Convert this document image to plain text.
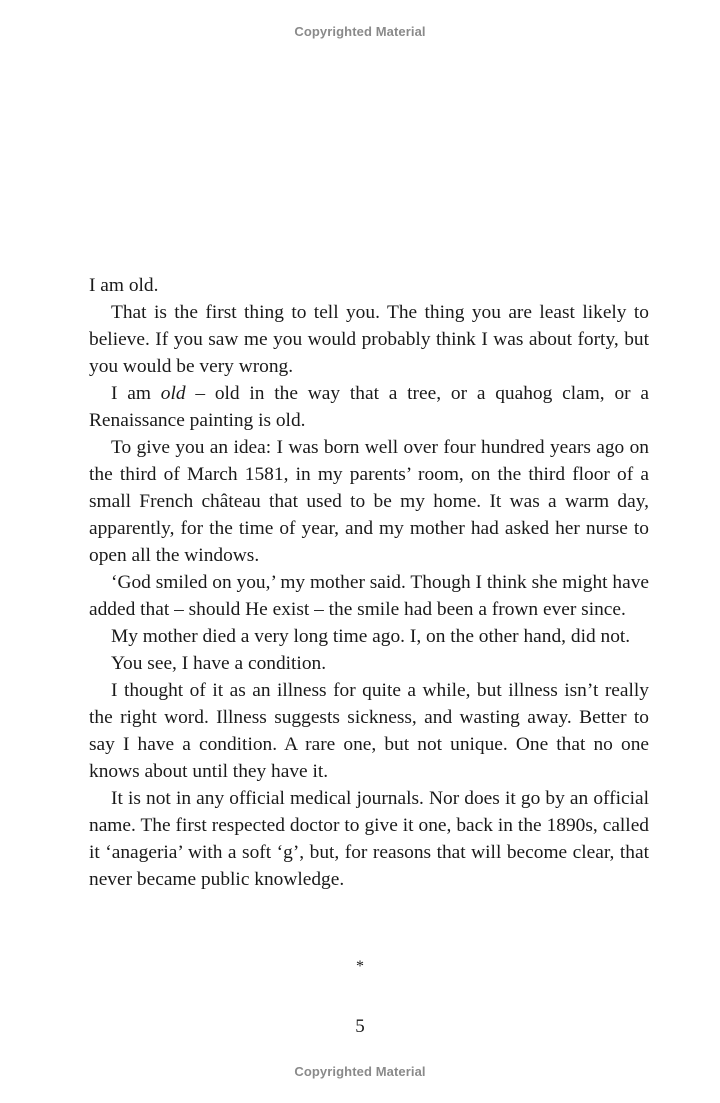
Copyrighted Material

I am old.

That is the first thing to tell you. The thing you are least likely to believe. If you saw me you would probably think I was about forty, but you would be very wrong.

I am old – old in the way that a tree, or a quahog clam, or a Renaissance painting is old.

To give you an idea: I was born well over four hundred years ago on the third of March 1581, in my parents’ room, on the third floor of a small French château that used to be my home. It was a warm day, apparently, for the time of year, and my mother had asked her nurse to open all the windows.

‘God smiled on you,’ my mother said. Though I think she might have added that – should He exist – the smile had been a frown ever since.

My mother died a very long time ago. I, on the other hand, did not.

You see, I have a condition.

I thought of it as an illness for quite a while, but illness isn’t really the right word. Illness suggests sickness, and wasting away. Better to say I have a condition. A rare one, but not unique. One that no one knows about until they have it.

It is not in any official medical journals. Nor does it go by an official name. The first respected doctor to give it one, back in the 1890s, called it ‘anageria’ with a soft ‘g’, but, for reasons that will become clear, that never became public knowledge.

*
5
Copyrighted Material
